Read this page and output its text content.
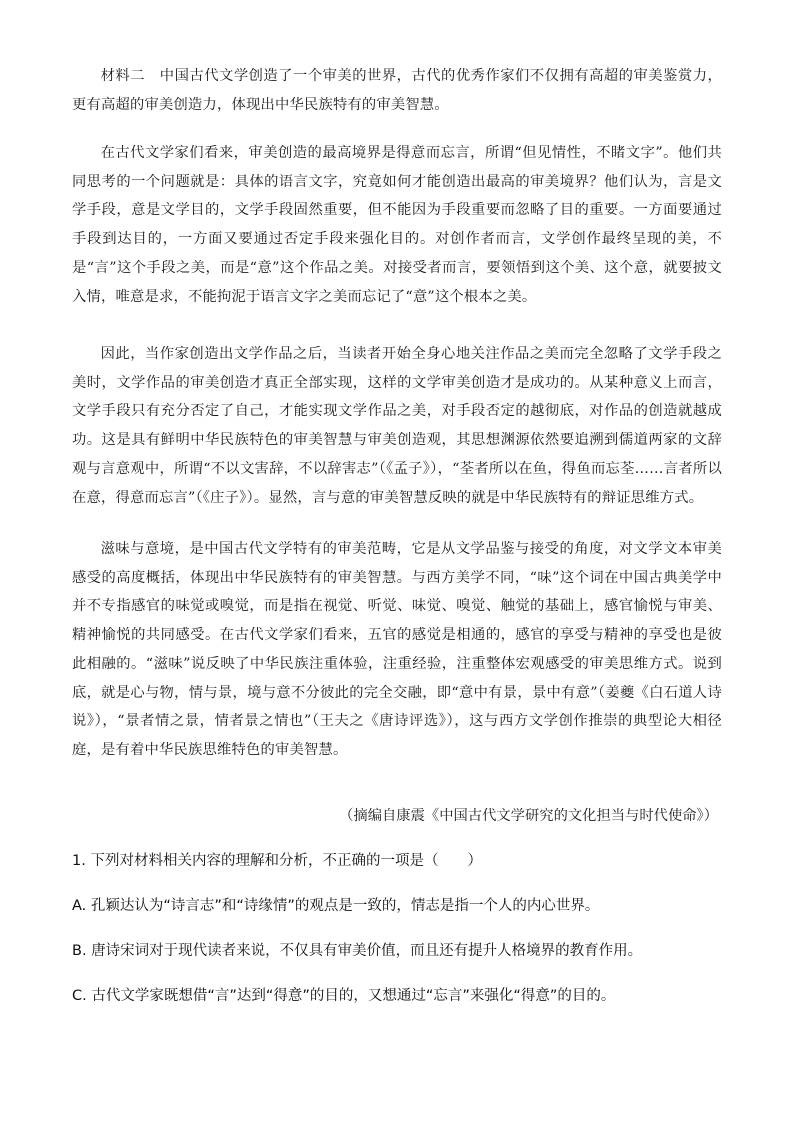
材料二　中国古代文学创造了一个审美的世界，古代的优秀作家们不仅拥有高超的审美鉴赏力，更有高超的审美创造力，体现出中华民族特有的审美智慧。

在古代文学家们看来，审美创造的最高境界是得意而忘言，所谓“但见情性，不睹文字”。他们共同思考的一个问题就是：具体的语言文字，究竟如何才能创造出最高的审美境界？他们认为，言是文学手段，意是文学目的，文学手段固然重要，但不能因为手段重要而忽略了目的重要。一方面要通过手段到达目的，一方面又要通过否定手段来强化目的。对创作者而言，文学创作最终呈现的美，不是“言”这个手段之美，而是“意”这个作品之美。对接受者而言，要领悟到这个美、这个意，就要披文入情，唯意是求，不能拘泥于语言文字之美而忘记了“意”这个根本之美。

因此，当作家创造出文学作品之后，当读者开始全身心地关注作品之美而完全忽略了文学手段之美时，文学作品的审美创造才真正全部实现，这样的文学审美创造才是成功的。从某种意义上而言，文学手段只有充分否定了自己，才能实现文学作品之美，对手段否定的越彻底，对作品的创造就越成功。这是具有鲜明中华民族特色的审美智慧与审美创造观，其思想渊源依然要追溯到儒道两家的文辞观与言意观中，所谓“不以文害辞，不以辞害志”（《孟子》），“荃者所以在鱼，得鱼而忘荃……言者所以在意，得意而忘言”（《庄子》）。显然，言与意的审美智慧反映的就是中华民族特有的辩证思维方式。

滋味与意境，是中国古代文学特有的审美范畴，它是从文学品鉴与接受的角度，对文学文本审美感受的高度概括，体现出中华民族特有的审美智慧。与西方美学不同，“味”这个词在中国古典美学中并不专指感官的味觉或嗅觉，而是指在视觉、听觉、味觉、嗅觉、触觉的基础上，感官愉悦与审美、精神愉悦的共同感受。在古代文学家们看来，五官的感觉是相通的，感官的享受与精神的享受也是彼此相融的。“滋味”说反映了中华民族注重体验，注重经验，注重整体宏观感受的审美思维方式。说到底，就是心与物，情与景，境与意不分彼此的完全交融，即“意中有景，景中有意”（姜夔《白石道人诗说》），“景者情之景，情者景之情也”（王夫之《唐诗评选》），这与西方文学创作推崇的典型论大相径庭，是有着中华民族思维特色的审美智慧。

（摘编自康震《中国古代文学研究的文化担当与时代使命》）

1. 下列对材料相关内容的理解和分析，不正确的一项是（　　）

A. 孔颖达认为“诗言志”和“诗缘情”的观点是一致的，情志是指一个人的内心世界。

B. 唐诗宋词对于现代读者来说，不仅具有审美价值，而且还有提升人格境界的教育作用。

C. 古代文学家既想借“言”达到“得意”的目的，又想通过“忘言”来强化“得意”的目的。
